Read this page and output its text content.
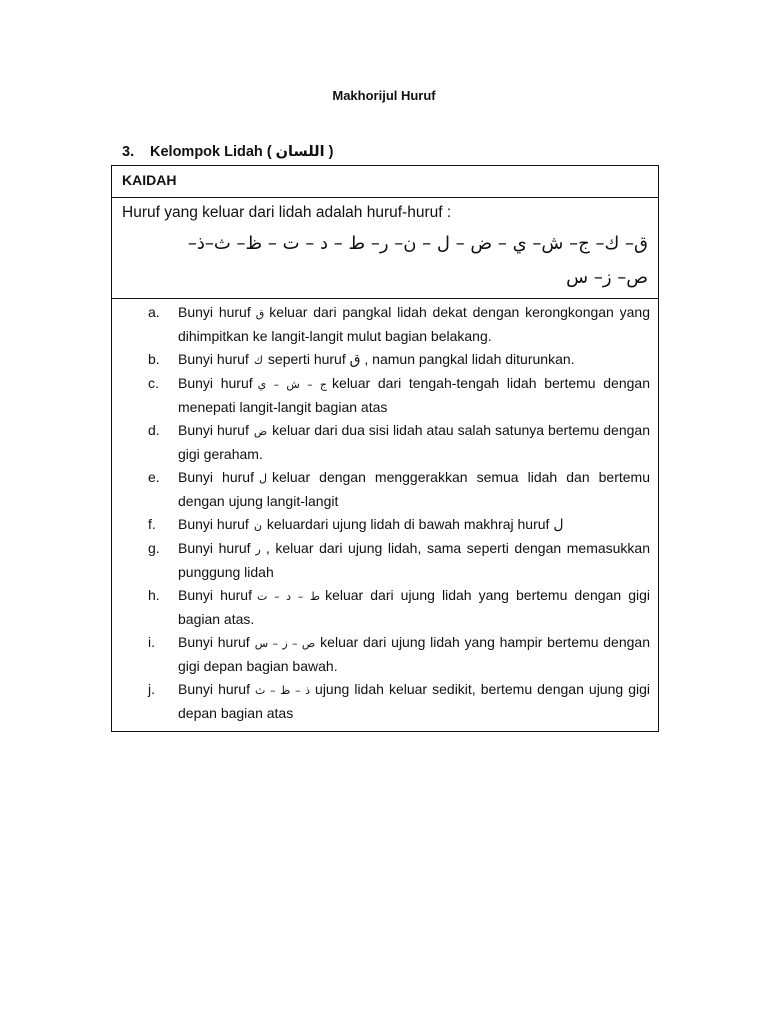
Makhorijul Huruf
3. Kelompok Lidah ( اللسان )
KAIDAH
Huruf yang keluar dari lidah adalah huruf-huruf :
ق– ك– ج– ش– ي – ض – ل – ن– ر– ط – د – ت – ظ– ث–ذ–
ص– ز– س
a.	Bunyi huruf ق keluar dari pangkal lidah dekat dengan kerongkongan yang dihimpitkan ke langit-langit mulut bagian belakang.
b.	Bunyi huruf ك seperti huruf ق , namun pangkal lidah diturunkan.
c.	Bunyi huruf ج – ش – ي keluar dari tengah-tengah lidah bertemu dengan menepati langit-langit bagian atas
d.	Bunyi huruf ض keluar dari dua sisi lidah atau salah satunya bertemu dengan gigi geraham.
e.	Bunyi huruf ل keluar dengan menggerakkan semua lidah dan bertemu dengan ujung langit-langit
f.	Bunyi huruf ن keluardari ujung lidah di bawah makhraj huruf ل
g.	Bunyi huruf ر , keluar dari ujung lidah, sama seperti dengan memasukkan punggung lidah
h.	Bunyi huruf ط – د – ت keluar dari ujung lidah yang bertemu dengan gigi bagian atas.
i.	Bunyi huruf ص – ز – س keluar dari ujung lidah yang hampir bertemu dengan gigi depan bagian bawah.
j.	Bunyi huruf ذ – ظ – ث ujung lidah keluar sedikit, bertemu dengan ujung gigi depan bagian atas
